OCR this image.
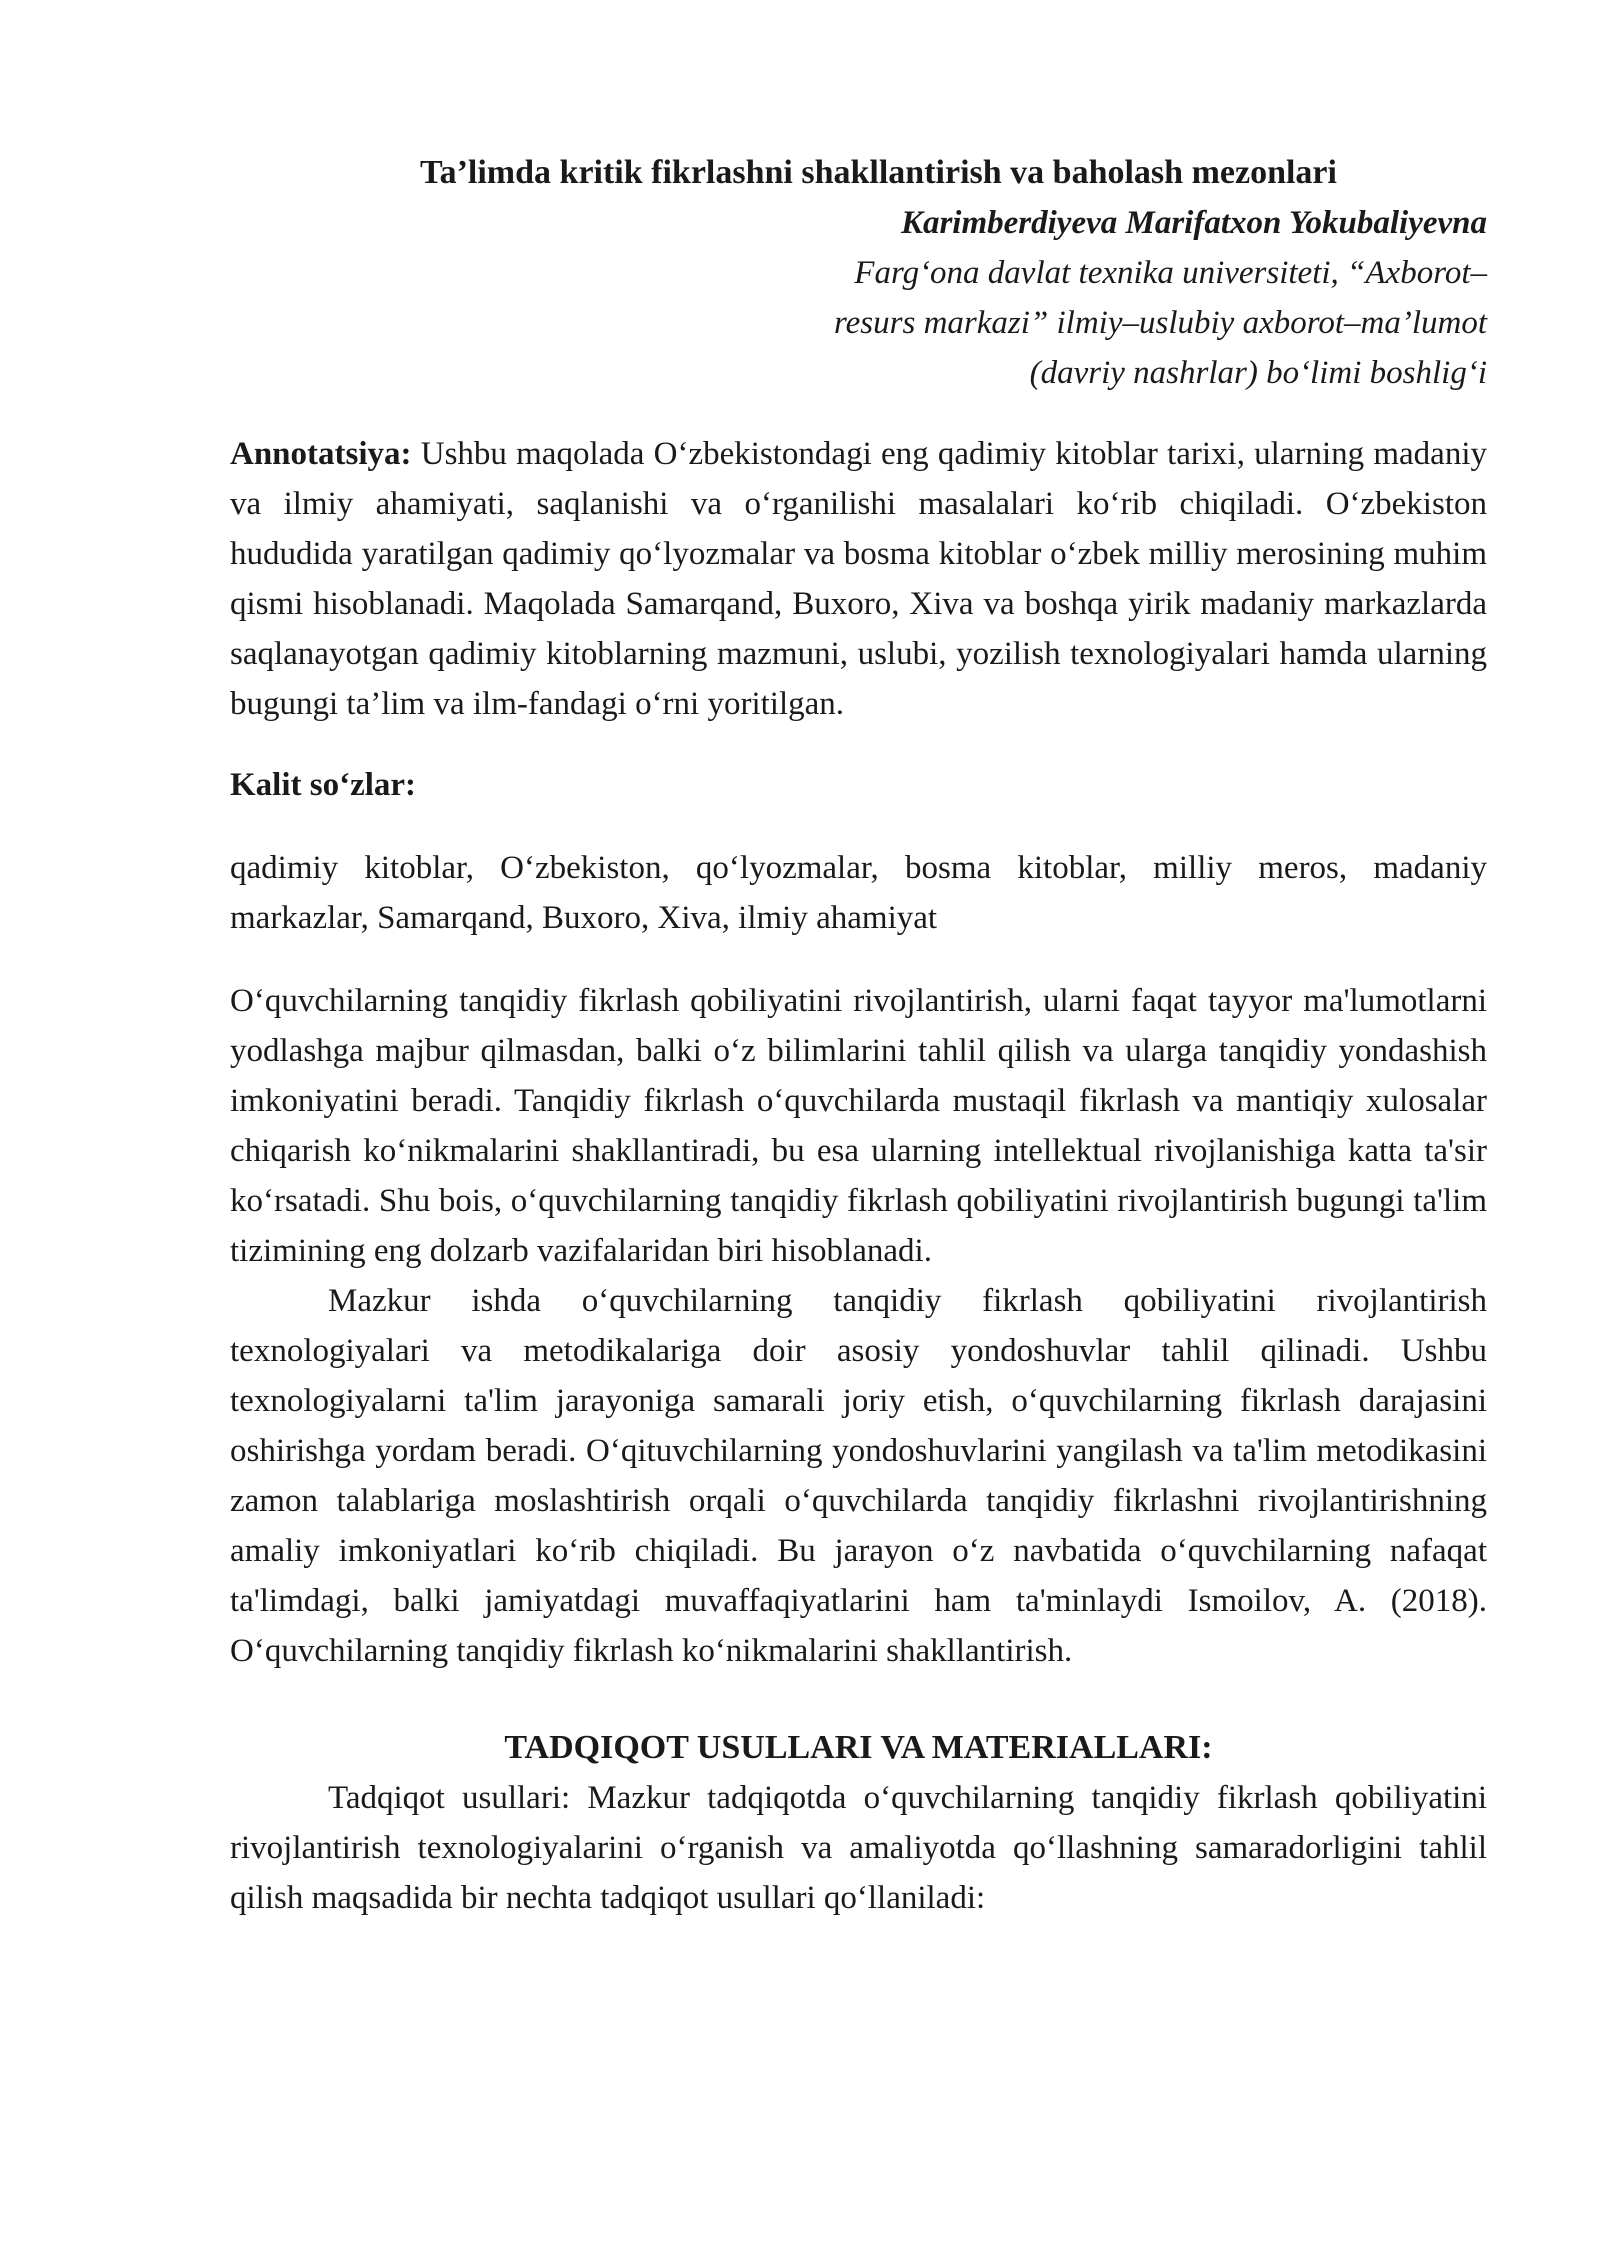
Ta’limda kritik fikrlashni shakllantirish va baholash mezonlari
Karimberdiyeva Marifatxon Yokubaliyevna
Farg‘ona davlat texnika universiteti, “Axborot–
resurs markazi” ilmiy–uslubiy axborot–ma’lumot
(davriy nashrlar) bo‘limi boshlig‘i

Annotatsiya: Ushbu maqolada O‘zbekistondagi eng qadimiy kitoblar tarixi, ularning madaniy va ilmiy ahamiyati, saqlanishi va o‘rganilishi masalalari ko‘rib chiqiladi. O‘zbekiston hududida yaratilgan qadimiy qo‘lyozmalar va bosma kitoblar o‘zbek milliy merosining muhim qismi hisoblanadi. Maqolada Samarqand, Buxoro, Xiva va boshqa yirik madaniy markazlarda saqlanayotgan qadimiy kitoblarning mazmuni, uslubi, yozilish texnologiyalari hamda ularning bugungi ta’lim va ilm-fandagi o‘rni yoritilgan.

Kalit so‘zlar:

qadimiy kitoblar, O‘zbekiston, qo‘lyozmalar, bosma kitoblar, milliy meros, madaniy markazlar, Samarqand, Buxoro, Xiva, ilmiy ahamiyat

O‘quvchilarning tanqidiy fikrlash qobiliyatini rivojlantirish, ularni faqat tayyor ma'lumotlarni yodlashga majbur qilmasdan, balki o‘z bilimlarini tahlil qilish va ularga tanqidiy yondashish imkoniyatini beradi. Tanqidiy fikrlash o‘quvchilarda mustaqil fikrlash va mantiqiy xulosalar chiqarish ko‘nikmalarini shakllantiradi, bu esa ularning intellektual rivojlanishiga katta ta'sir ko‘rsatadi. Shu bois, o‘quvchilarning tanqidiy fikrlash qobiliyatini rivojlantirish bugungi ta'lim tizimining eng dolzarb vazifalaridan biri hisoblanadi.

Mazkur ishda o‘quvchilarning tanqidiy fikrlash qobiliyatini rivojlantirish texnologiyalari va metodikalariga doir asosiy yondoshuvlar tahlil qilinadi. Ushbu texnologiyalarni ta'lim jarayoniga samarali joriy etish, o‘quvchilarning fikrlash darajasini oshirishga yordam beradi. O‘qituvchilarning yondoshuvlarini yangilash va ta'lim metodikasini zamon talablariga moslashtirish orqali o‘quvchilarda tanqidiy fikrlashni rivojlantirishning amaliy imkoniyatlari ko‘rib chiqiladi. Bu jarayon o‘z navbatida o‘quvchilarning nafaqat ta'limdagi, balki jamiyatdagi muvaffaqiyatlarini ham ta'minlaydi Ismoilov, A. (2018). O‘quvchilarning tanqidiy fikrlash ko‘nikmalarini shakllantirish.

TADQIQOT USULLARI VA MATERIALLARI:

Tadqiqot usullari: Mazkur tadqiqotda o‘quvchilarning tanqidiy fikrlash qobiliyatini rivojlantirish texnologiyalarini o‘rganish va amaliyotda qo‘llashning samaradorligini tahlil qilish maqsadida bir nechta tadqiqot usullari qo‘llaniladi:
